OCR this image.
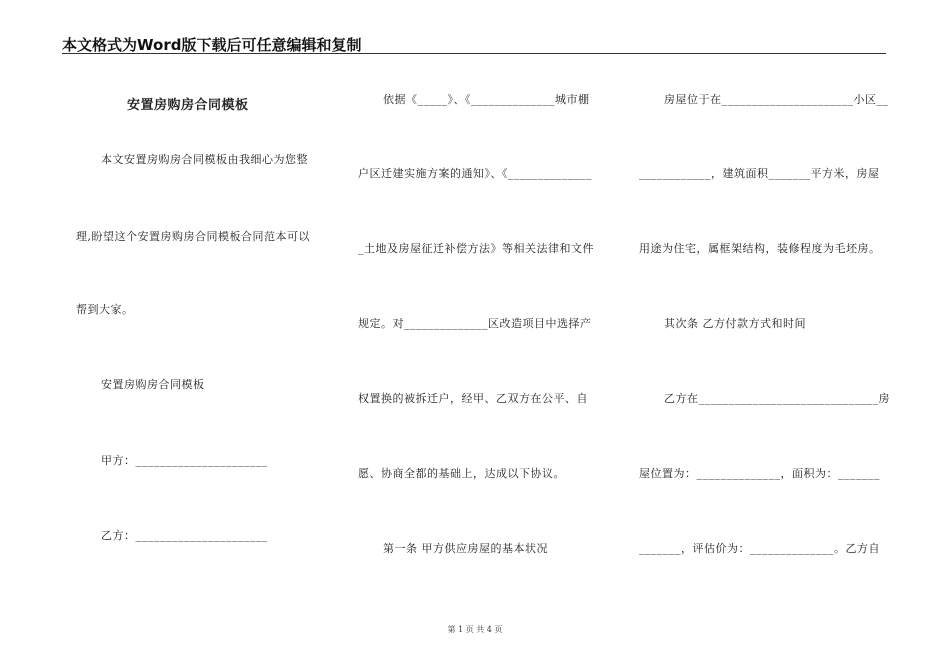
本文格式为Word版下载后可任意编辑和复制
安置房购房合同模板
本文安置房购房合同模板由我细心为您整
理,盼望这个安置房购房合同模板合同范本可以
帮到大家。
安置房购房合同模板
甲方：______________________
乙方：______________________
依据《_____》、《______________城市棚
户区迁建实施方案的通知》、《______________
_土地及房屋征迁补偿方法》等相关法律和文件
规定。对______________区改造项目中选择产
权置换的被拆迁户，经甲、乙双方在公平、自
愿、协商全都的基础上，达成以下协议。
第一条 甲方供应房屋的基本状况
房屋位于在______________________小区__
____________，建筑面积_______平方米，房屋
用途为住宅，属框架结构，装修程度为毛坯房。
其次条 乙方付款方式和时间
乙方在______________________________房
屋位置为：______________，面积为：_______
_______，评估价为：______________。乙方自
第 1 页 共 4 页
